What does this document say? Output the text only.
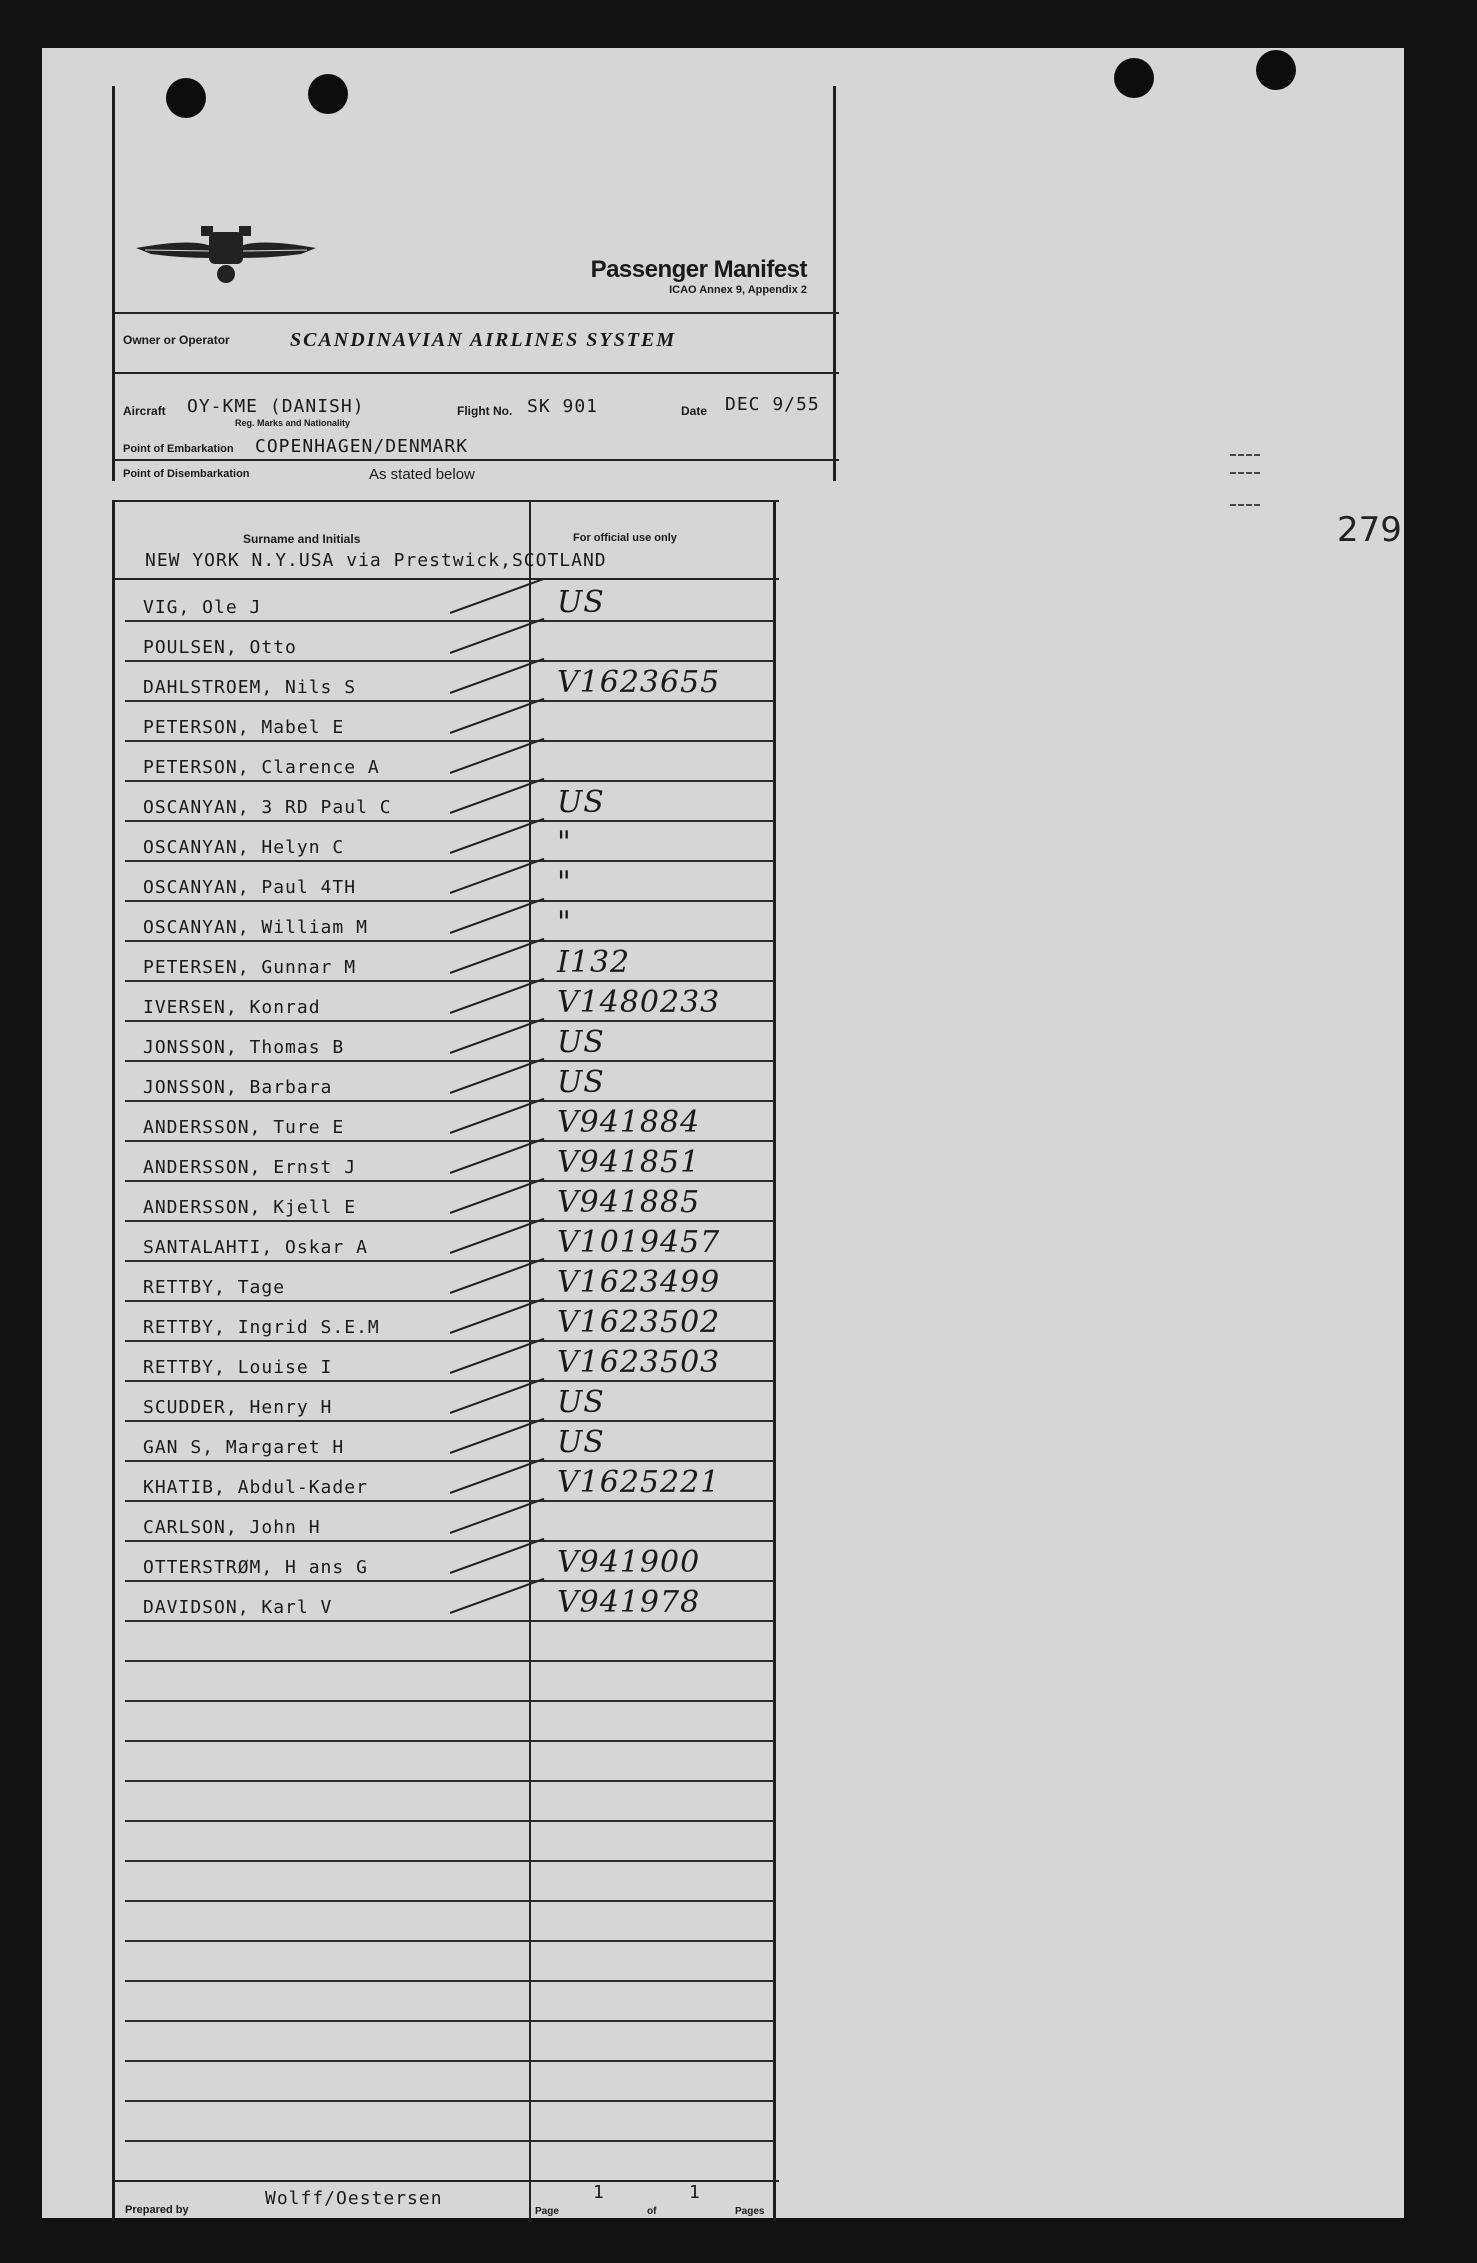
279
Passenger Manifest
ICAO Annex 9, Appendix 2
Owner or Operator	SCANDINAVIAN AIRLINES SYSTEM
Aircraft OY-KME (DANISH)
Reg. Marks and Nationality
Flight No. SK 901	Date DEC 9/55
Point of Embarkation COPENHAGEN/DENMARK
Point of Disembarkation	As stated below
Surname and Initials	For official use only
NEW YORK N.Y.USA via Prestwick,SCOTLAND
VIG, Ole J	US
POULSEN, Otto
DAHLSTROEM, Nils S	V1623655
PETERSON, Mabel E
PETERSON, Clarence A
OSCANYAN, 3 RD Paul C	US
OSCANYAN, Helyn C	"
OSCANYAN, Paul 4TH	"
OSCANYAN, William M	"
PETERSEN, Gunnar M	I132
IVERSEN, Konrad	V1480233
JONSSON, Thomas B	US
JONSSON, Barbara	US
ANDERSSON, Ture E	V941884
ANDERSSON, Ernst J	V941851
ANDERSSON, Kjell E	V941885
SANTALAHTI, Oskar A	V1019457
RETTBY, Tage	V1623499
RETTBY, Ingrid S.E.M	V1623502
RETTBY, Louise I	V1623503
SCUDDER, Henry H	US
GAN S, Margaret H	US
KHATIB, Abdul-Kader	V1625221
CARLSON, John H
OTTERSTRØM, H ans G	V941900
DAVIDSON, Karl V	V941978
Prepared by
Wolff/Oestersen	1
Page	of
1
Pages
